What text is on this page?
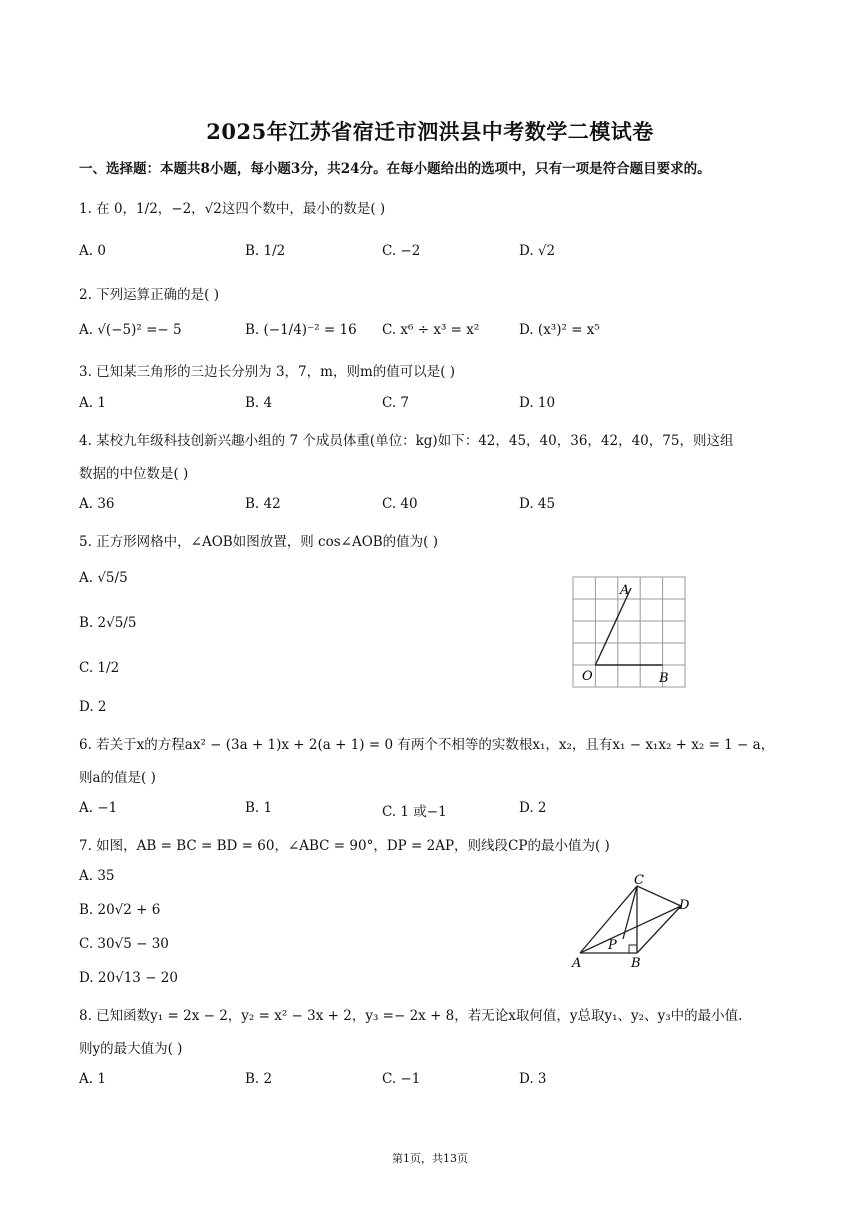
2025年江苏省宿迁市泗洪县中考数学二模试卷
一、选择题：本题共8小题，每小题3分，共24分。在每小题给出的选项中，只有一项是符合题目要求的。
1. 在 0，1/2，−2，√2这四个数中，最小的数是( )
A. 0	B. 1/2	C. −2	D. √2
2. 下列运算正确的是( )
A. √(−5)² =− 5	B. (−1/4)⁻² = 16 C. x⁶ ÷ x³ = x²	D. (x³)² = x⁵
3. 已知某三角形的三边长分别为 3，7，m，则m的值可以是( )
A. 1	B. 4	C. 7	D. 10
4. 某校九年级科技创新兴趣小组的 7 个成员体重(单位：kg)如下：42，45，40，36，42，40，75，则这组
数据的中位数是( )
A. 36	B. 42	C. 40	D. 45
5. 正方形网格中，∠AOB如图放置，则 cos∠AOB的值为( )
A. √5/5
B. 2√5/5
C. 1/2
D. 2
A
O	B
6. 若关于x的方程ax² − (3a + 1)x + 2(a + 1) = 0 有两个不相等的实数根x₁，x₂，且有x₁ − x₁x₂ + x₂ = 1 − a，
则a的值是( )
A. −1	B. 1	C. 1 或−1	D. 2
7. 如图，AB = BC = BD = 60，∠ABC = 90°，DP = 2AP，则线段CP的最小值为( )
A. 35
B. 20√2 + 6
C. 30√5 − 30
D. 20√13 − 20
C
D
P
A	B
8. 已知函数y₁ = 2x − 2，y₂ = x² − 3x + 2，y₃ =− 2x + 8，若无论x取何值，y总取y₁、y₂、y₃中的最小值.
则y的最大值为( )
A. 1	B. 2	C. −1	D. 3
第1页，共13页
